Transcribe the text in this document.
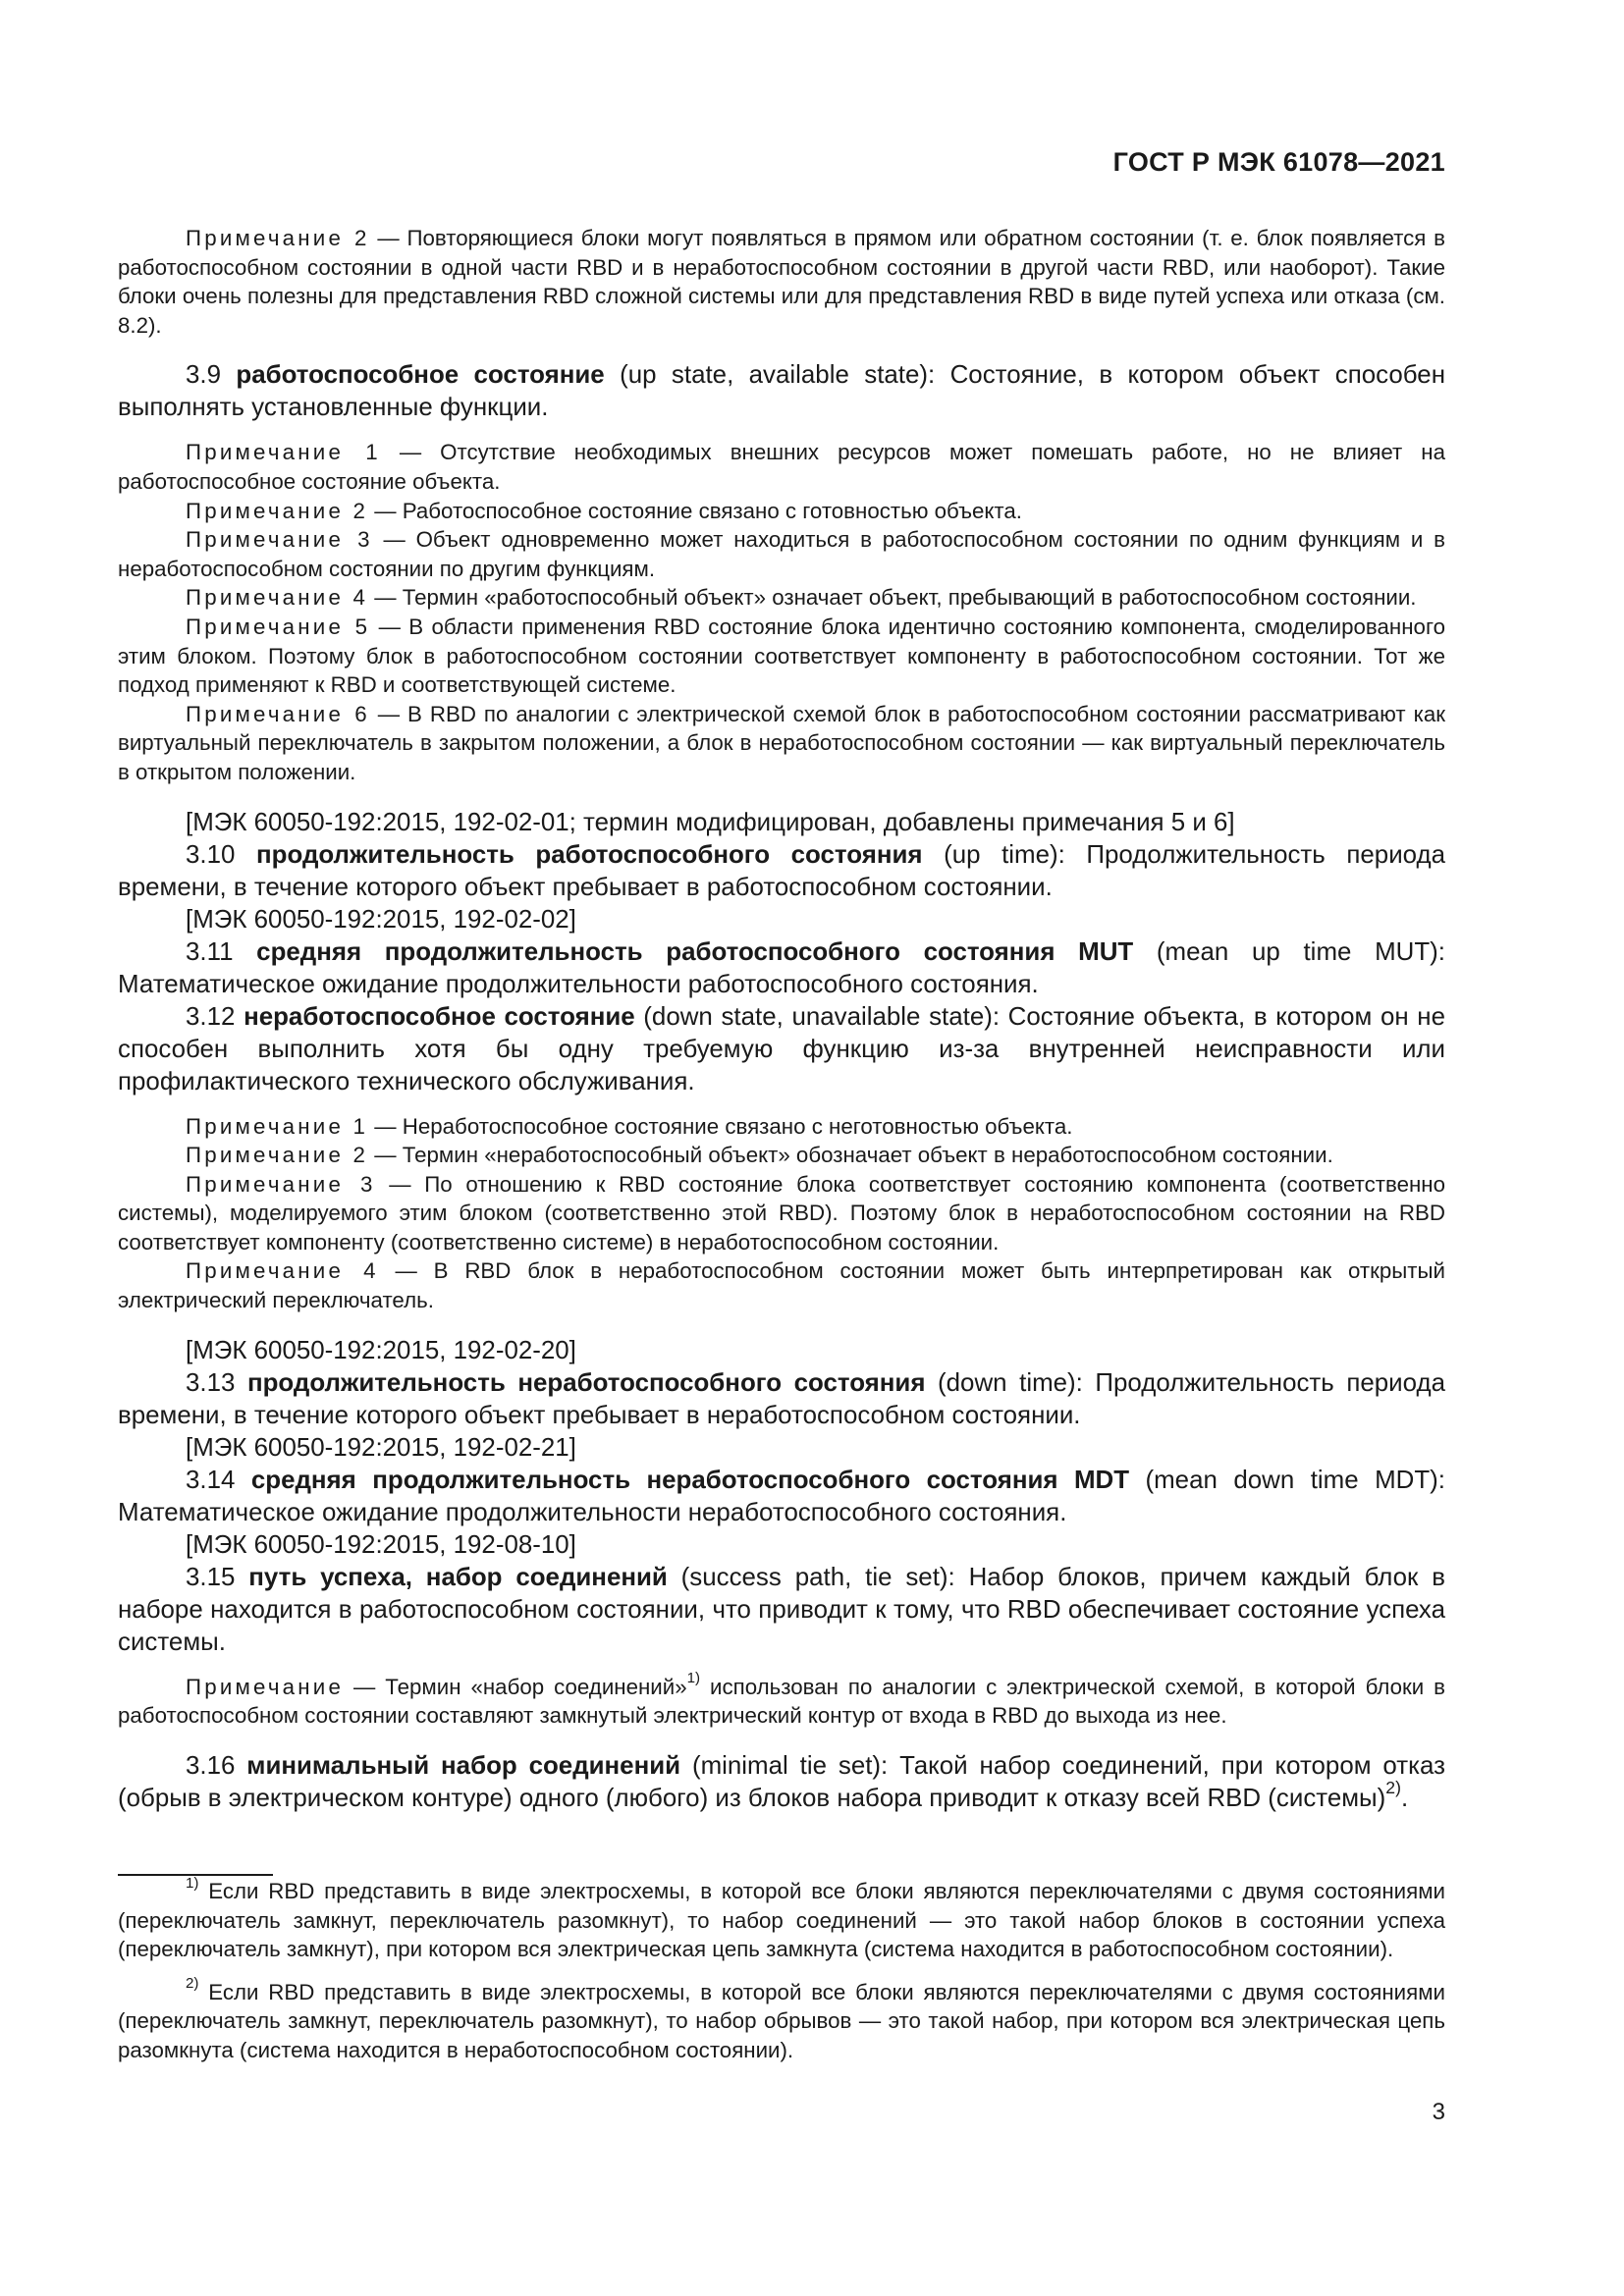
ГОСТ Р МЭК 61078—2021

Примечание 2 — Повторяющиеся блоки могут появляться в прямом или обратном состоянии (т. е. блок появляется в работоспособном состоянии в одной части RBD и в неработоспособном состоянии в другой части RBD, или наоборот). Такие блоки очень полезны для представления RBD сложной системы или для представления RBD в виде путей успеха или отказа (см. 8.2).

3.9 работоспособное состояние (up state, available state): Состояние, в котором объект способен выполнять установленные функции.

Примечание 1 — Отсутствие необходимых внешних ресурсов может помешать работе, но не влияет на работоспособное состояние объекта.

Примечание 2 — Работоспособное состояние связано с готовностью объекта.

Примечание 3 — Объект одновременно может находиться в работоспособном состоянии по одним функциям и в неработоспособном состоянии по другим функциям.

Примечание 4 — Термин «работоспособный объект» означает объект, пребывающий в работоспособном состоянии.

Примечание 5 — В области применения RBD состояние блока идентично состоянию компонента, смоделированного этим блоком. Поэтому блок в работоспособном состоянии соответствует компоненту в работоспособном состоянии. Тот же подход применяют к RBD и соответствующей системе.

Примечание 6 — В RBD по аналогии с электрической схемой блок в работоспособном состоянии рассматривают как виртуальный переключатель в закрытом положении, а блок в неработоспособном состоянии — как виртуальный переключатель в открытом положении.

[МЭК 60050-192:2015, 192-02-01; термин модифицирован, добавлены примечания 5 и 6]

3.10 продолжительность работоспособного состояния (up time): Продолжительность периода времени, в течение которого объект пребывает в работоспособном состоянии.

[МЭК 60050-192:2015, 192-02-02]

3.11 средняя продолжительность работоспособного состояния MUT (mean up time MUT): Математическое ожидание продолжительности работоспособного состояния.

3.12 неработоспособное состояние (down state, unavailable state): Состояние объекта, в котором он не способен выполнить хотя бы одну требуемую функцию из-за внутренней неисправности или профилактического технического обслуживания.

Примечание 1 — Неработоспособное состояние связано с неготовностью объекта.

Примечание 2 — Термин «неработоспособный объект» обозначает объект в неработоспособном состоянии.

Примечание 3 — По отношению к RBD состояние блока соответствует состоянию компонента (соответственно системы), моделируемого этим блоком (соответственно этой RBD). Поэтому блок в неработоспособном состоянии на RBD соответствует компоненту (соответственно системе) в неработоспособном состоянии.

Примечание 4 — В RBD блок в неработоспособном состоянии может быть интерпретирован как открытый электрический переключатель.

[МЭК 60050-192:2015, 192-02-20]

3.13 продолжительность неработоспособного состояния (down time): Продолжительность периода времени, в течение которого объект пребывает в неработоспособном состоянии.

[МЭК 60050-192:2015, 192-02-21]

3.14 средняя продолжительность неработоспособного состояния MDT (mean down time MDT): Математическое ожидание продолжительности неработоспособного состояния.

[МЭК 60050-192:2015, 192-08-10]

3.15 путь успеха, набор соединений (success path, tie set): Набор блоков, причем каждый блок в наборе находится в работоспособном состоянии, что приводит к тому, что RBD обеспечивает состояние успеха системы.

Примечание — Термин «набор соединений»$^{1)}$ использован по аналогии с электрической схемой, в которой блоки в работоспособном состоянии составляют замкнутый электрический контур от входа в RBD до выхода из нее.

3.16 минимальный набор соединений (minimal tie set): Такой набор соединений, при котором отказ (обрыв в электрическом контуре) одного (любого) из блоков набора приводит к отказу всей RBD (системы)$^{2)}$.

$^{1)}$ Если RBD представить в виде электросхемы, в которой все блоки являются переключателями с двумя состояниями (переключатель замкнут, переключатель разомкнут), то набор соединений — это такой набор блоков в состоянии успеха (переключатель замкнут), при котором вся электрическая цепь замкнута (система находится в работоспособном состоянии).

$^{2)}$ Если RBD представить в виде электросхемы, в которой все блоки являются переключателями с двумя состояниями (переключатель замкнут, переключатель разомкнут), то набор обрывов — это такой набор, при котором вся электрическая цепь разомкнута (система находится в неработоспособном состоянии).

3
